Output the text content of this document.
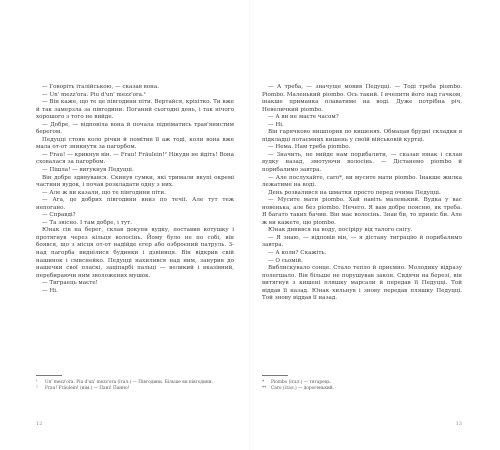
— Говоріть італійською, — сказав вона.

— Un' mezz'ora. Piu d'un' mezz'ora.¹

— Він каже, що те це півгодини піти. Вертайся, кріхітко. Ти вже й так замерзла за півгодини. Поганий сьогодні день, і так нічого хорошого з того не вийде.

— Добре, — відповіла вона й почала підніматись трав'янистим берегом.

Педуцці стояв коло річки й помітив її аж тоді, коли вона вже мала от-от зникнути за пагорбом.

— Frau! — крикнув він. — Frau! Fräulein!² Нікуди не йдіть! Вона сховалася за пагорбом.

— Пішла! — вигукнув Педуцці.

Він добре здивувався. Скинув сумки, які тримали вкупі окремі частини вудок, і почав розкладати одну з них.

— Але ж ви казали, що те півгодини піти.

— Ага, це добрих півгодини вниз по течії. Але тут теж непогано.

— Справді?

— Та звісно. І там добре, і тут.

Юнак сів на берег, склав докупи вудку, поставив котушку і протягнув через кільця волосінь. Йому було не по собі, він боявся, що з місця от-от надійде єгер або озброєний патруль. З-над пагорба виднілися будинки і дзвіниця. Він відкрив свій нашинок і смиснейко. Педуцці нахилився над ним, занурив до нашечки свої пласкі, заціпарбі пальці — великий і вказівний, перебираючи ним зволожених мушок.

— Тиграець маєте!

— Ні.

¹	Un' mezz'ora. Piu d'un' mezz'ora (італ.) — Півгодини. Більше як півгодини.
²	Frau! Fräulein! (нім.) — Пані! Панно!
12

— А треба, — значуще мовив Педуцці. — Тоді треба piombo. Piombo. Маленький piombo. Ось такий. І вчепити його над гачком, інакше приманка плаватиме на воді. Дуже потрібна річ. Невеличкий piombo.

— А ви не маєте часом?

— Ні.

Він гарячково нишпорив по кишенях. Обмацав брудні складки в підкладці потаємних кишень у своїй військовій куртці.

— Нема. Нам треба piombo.

— Значить, не вийде нам порибалити, — сказав юнак і склав вудку назад, змотуючи волосінь. — Дістанемо piombo й порибалимо завтра.

— Але послухайте, caro*, ви мусите мати piombo. Інакше жилка лежатиме на воді.

День розвалився на шматки просто перед очима Педуцці.

— Мусите мати piombo. Хай навіть маленький. Вудка у вас новенька, але без piombo. Нечего. Я вам добре поясню, як треба. Я багато таких бачив. Він має волосінь. Знав би, то приніс би. Але ж ви кажете, що piombo.

Юнак дивився на воду, посіріру від талого снігу.

— Я знаю, — відповів він, — я дістану тиграцію й порибалимо завтра.

— А коли? Скажіть.

— О сьомій.

Виблискувало сонце. Стало тепло й приємно. Молодику відразу полегшало. Він більше не порушував закон. Сидячи на березі, він витягнув з кишені пляшку марсали й передав її Педуцці. Той віддав її назад. Юнак хильнув і знову передав пляшку Педуцці. Той знову віддав її назад.

*	Piombo (італ.) — тягарець.
**	Caro (італ.) — дорогенький.
13
